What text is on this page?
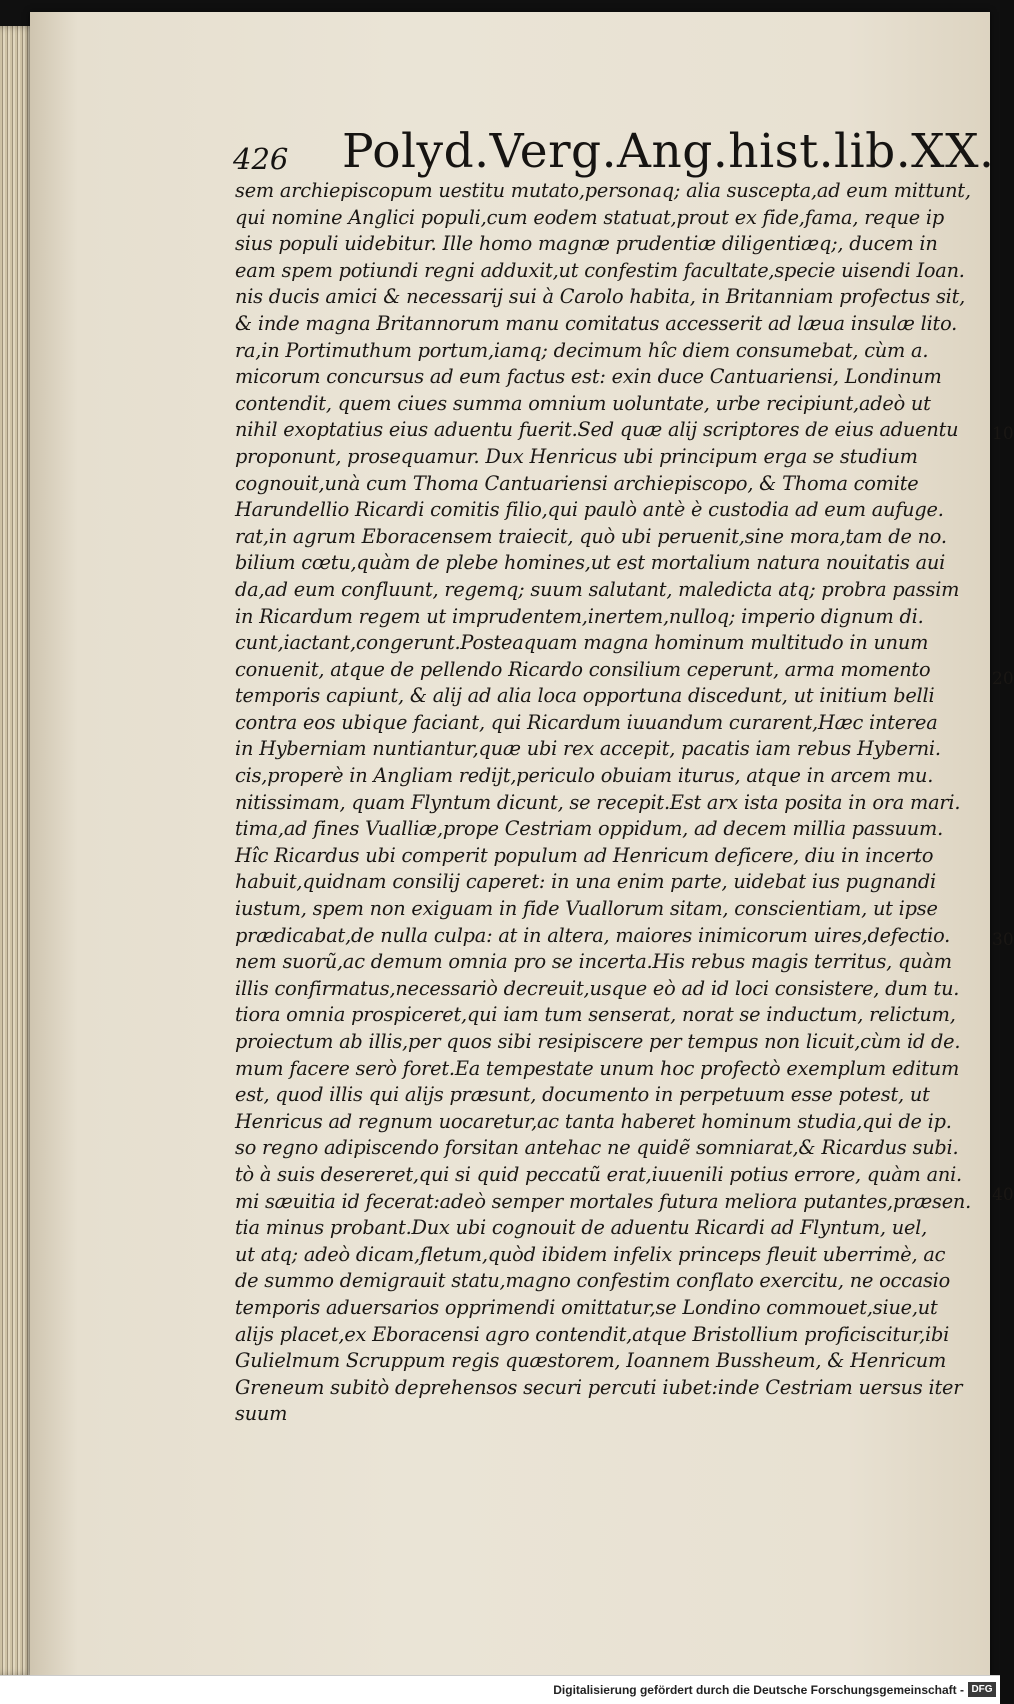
426 Polyd.Verg.Ang.hist.lib.XX.
sem archiepiscopum uestitu mutato,personaq; alia suscepta,ad eum mittunt,
qui nomine Anglici populi,cum eodem statuat,prout ex fide,fama, reque ip
sius populi uidebitur. Ille homo magnæ prudentiæ diligentiæq;, ducem in
eam spem potiundi regni adduxit,ut confestim facultate,specie uisendi Ioan.
nis ducis amici & necessarij sui à Carolo habita, in Britanniam profectus sit,
& inde magna Britannorum manu comitatus accesserit ad læua insulæ lito.
ra,in Portimuthum portum,iamq; decimum hîc diem consumebat, cùm a.
micorum concursus ad eum factus est: exin duce Cantuariensi, Londinum
contendit, quem ciues summa omnium uoluntate, urbe recipiunt,adeò ut
nihil exoptatius eius aduentu fuerit.Sed quæ alij scriptores de eius aduentu
proponunt, prosequamur. Dux Henricus ubi principum erga se studium
cognouit,unà cum Thoma Cantuariensi archiepiscopo, & Thoma comite
Harundellio Ricardi comitis filio,qui paulò antè è custodia ad eum aufuge.
rat,in agrum Eboracensem traiecit, quò ubi peruenit,sine mora,tam de no.
bilium cœtu,quàm de plebe homines,ut est mortalium natura nouitatis aui
da,ad eum confluunt, regemq; suum salutant, maledicta atq; probra passim
in Ricardum regem ut imprudentem,inertem,nulloq; imperio dignum di.
cunt,iactant,congerunt.Posteaquam magna hominum multitudo in unum
conuenit, atque de pellendo Ricardo consilium ceperunt, arma momento
temporis capiunt, & alij ad alia loca opportuna discedunt, ut initium belli
contra eos ubique faciant, qui Ricardum iuuandum curarent,Hæc interea
in Hyberniam nuntiantur,quæ ubi rex accepit, pacatis iam rebus Hyberni.
cis,properè in Angliam redijt,periculo obuiam iturus, atque in arcem mu.
nitissimam, quam Flyntum dicunt, se recepit.Est arx ista posita in ora mari.
tima,ad fines Vualliæ,prope Cestriam oppidum, ad decem millia passuum.
Hîc Ricardus ubi comperit populum ad Henricum deficere, diu in incerto
habuit,quidnam consilij caperet: in una enim parte, uidebat ius pugnandi
iustum, spem non exiguam in fide Vuallorum sitam, conscientiam, ut ipse
prædicabat,de nulla culpa: at in altera, maiores inimicorum uires,defectio.
nem suorũ,ac demum omnia pro se incerta.His rebus magis territus, quàm
illis confirmatus,necessariò decreuit,usque eò ad id loci consistere, dum tu.
tiora omnia prospiceret,qui iam tum senserat, norat se inductum, relictum,
proiectum ab illis,per quos sibi resipiscere per tempus non licuit,cùm id de.
mum facere serò foret.Ea tempestate unum hoc profectò exemplum editum
est, quod illis qui alijs præsunt, documento in perpetuum esse potest, ut
Henricus ad regnum uocaretur,ac tanta haberet hominum studia,qui de ip.
so regno adipiscendo forsitan antehac ne quidẽ somniarat,& Ricardus subi.
tò à suis desereret,qui si quid peccatũ erat,iuuenili potius errore, quàm ani.
mi sæuitia id fecerat:adeò semper mortales futura meliora putantes,præsen.
tia minus probant.Dux ubi cognouit de aduentu Ricardi ad Flyntum, uel,
ut atq; adeò dicam,fletum,quòd ibidem infelix princeps fleuit uberrimè, ac
de summo demigrauit statu,magno confestim conflato exercitu, ne occasio
temporis aduersarios opprimendi omittatur,se Londino commouet,siue,ut
alijs placet,ex Eboracensi agro contendit,atque Bristollium proficiscitur,ibi
Gulielmum Scruppum regis quæstorem, Ioannem Bussheum, & Henricum
Greneum subitò deprehensos securi percuti iubet:inde Cestriam uersus iter
suum
10
20
30
40
Digitalisierung gefördert durch die Deutsche Forschungsgemeinschaft - DFG
